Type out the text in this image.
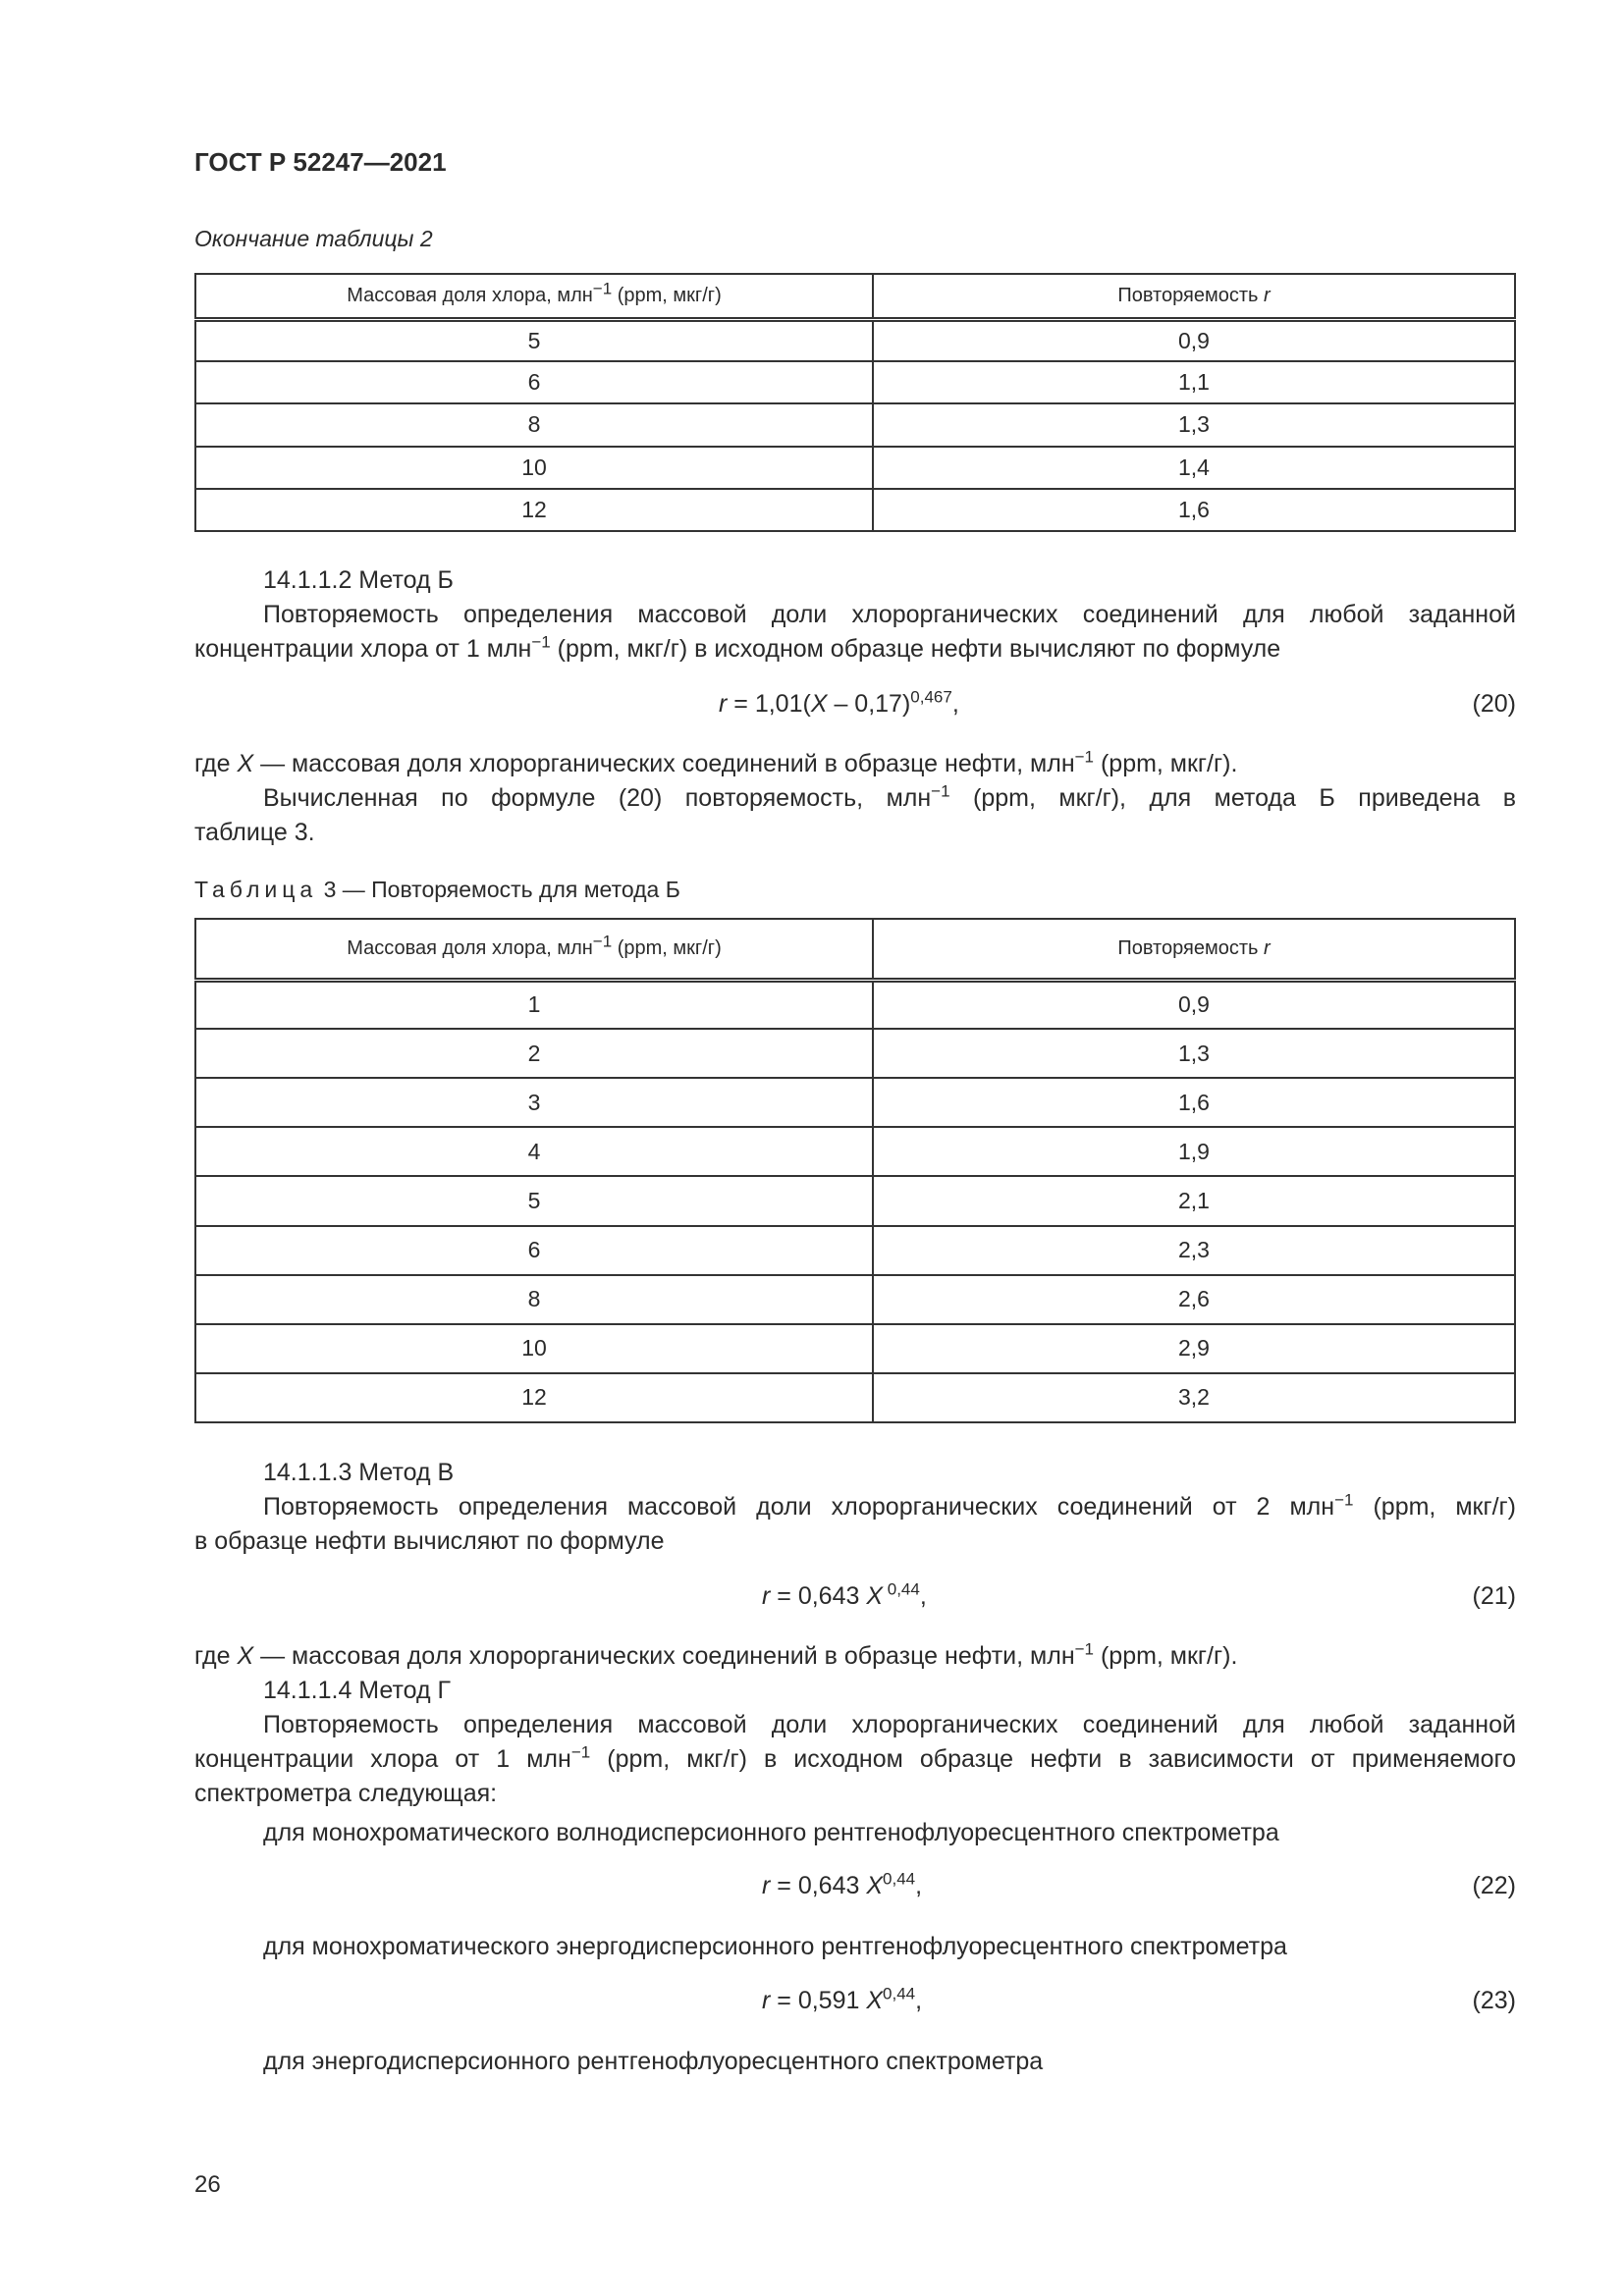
ГОСТ Р 52247—2021
Окончание таблицы 2
Массовая доля хлора, млн$^{-1}$ (ppm, мкг/г)	Повторяемость r
5	0,9
6	1,1
8	1,3
10	1,4
12	1,6
14.1.1.2 Метод Б
Повторяемость определения массовой доли хлорорганических соединений для любой заданной
концентрации хлора от 1 млн$^{-1}$ (ppm, мкг/г) в исходном образце нефти вычисляют по формуле
r = 1,01(X – 0,17)$^{0,467}$,	(20)
где X — массовая доля хлорорганических соединений в образце нефти, млн$^{-1}$ (ppm, мкг/г).
Вычисленная по формуле (20) повторяемость, млн$^{-1}$ (ppm, мкг/г), для метода Б приведена в
таблице 3.
Таблица 3 — Повторяемость для метода Б
Массовая доля хлора, млн$^{-1}$ (ppm, мкг/г)	Повторяемость r
1	0,9
2	1,3
3	1,6
4	1,9
5	2,1
6	2,3
8	2,6
10	2,9
12	3,2
14.1.1.3 Метод В
Повторяемость определения массовой доли хлорорганических соединений от 2 млн$^{-1}$ (ppm, мкг/г)
в образце нефти вычисляют по формуле
r = 0,643 X $^{0,44}$,	(21)
где X — массовая доля хлорорганических соединений в образце нефти, млн$^{-1}$ (ppm, мкг/г).
14.1.1.4 Метод Г
Повторяемость определения массовой доли хлорорганических соединений для любой заданной
концентрации хлора от 1 млн$^{-1}$ (ppm, мкг/г) в исходном образце нефти в зависимости от применяемого
спектрометра следующая:
для монохроматического волнодисперсионного рентгенофлуоресцентного спектрометра
r = 0,643 X$^{0,44}$,	(22)
для монохроматического энергодисперсионного рентгенофлуоресцентного спектрометра
r = 0,591 X$^{0,44}$,	(23)
для энергодисперсионного рентгенофлуоресцентного спектрометра
26
